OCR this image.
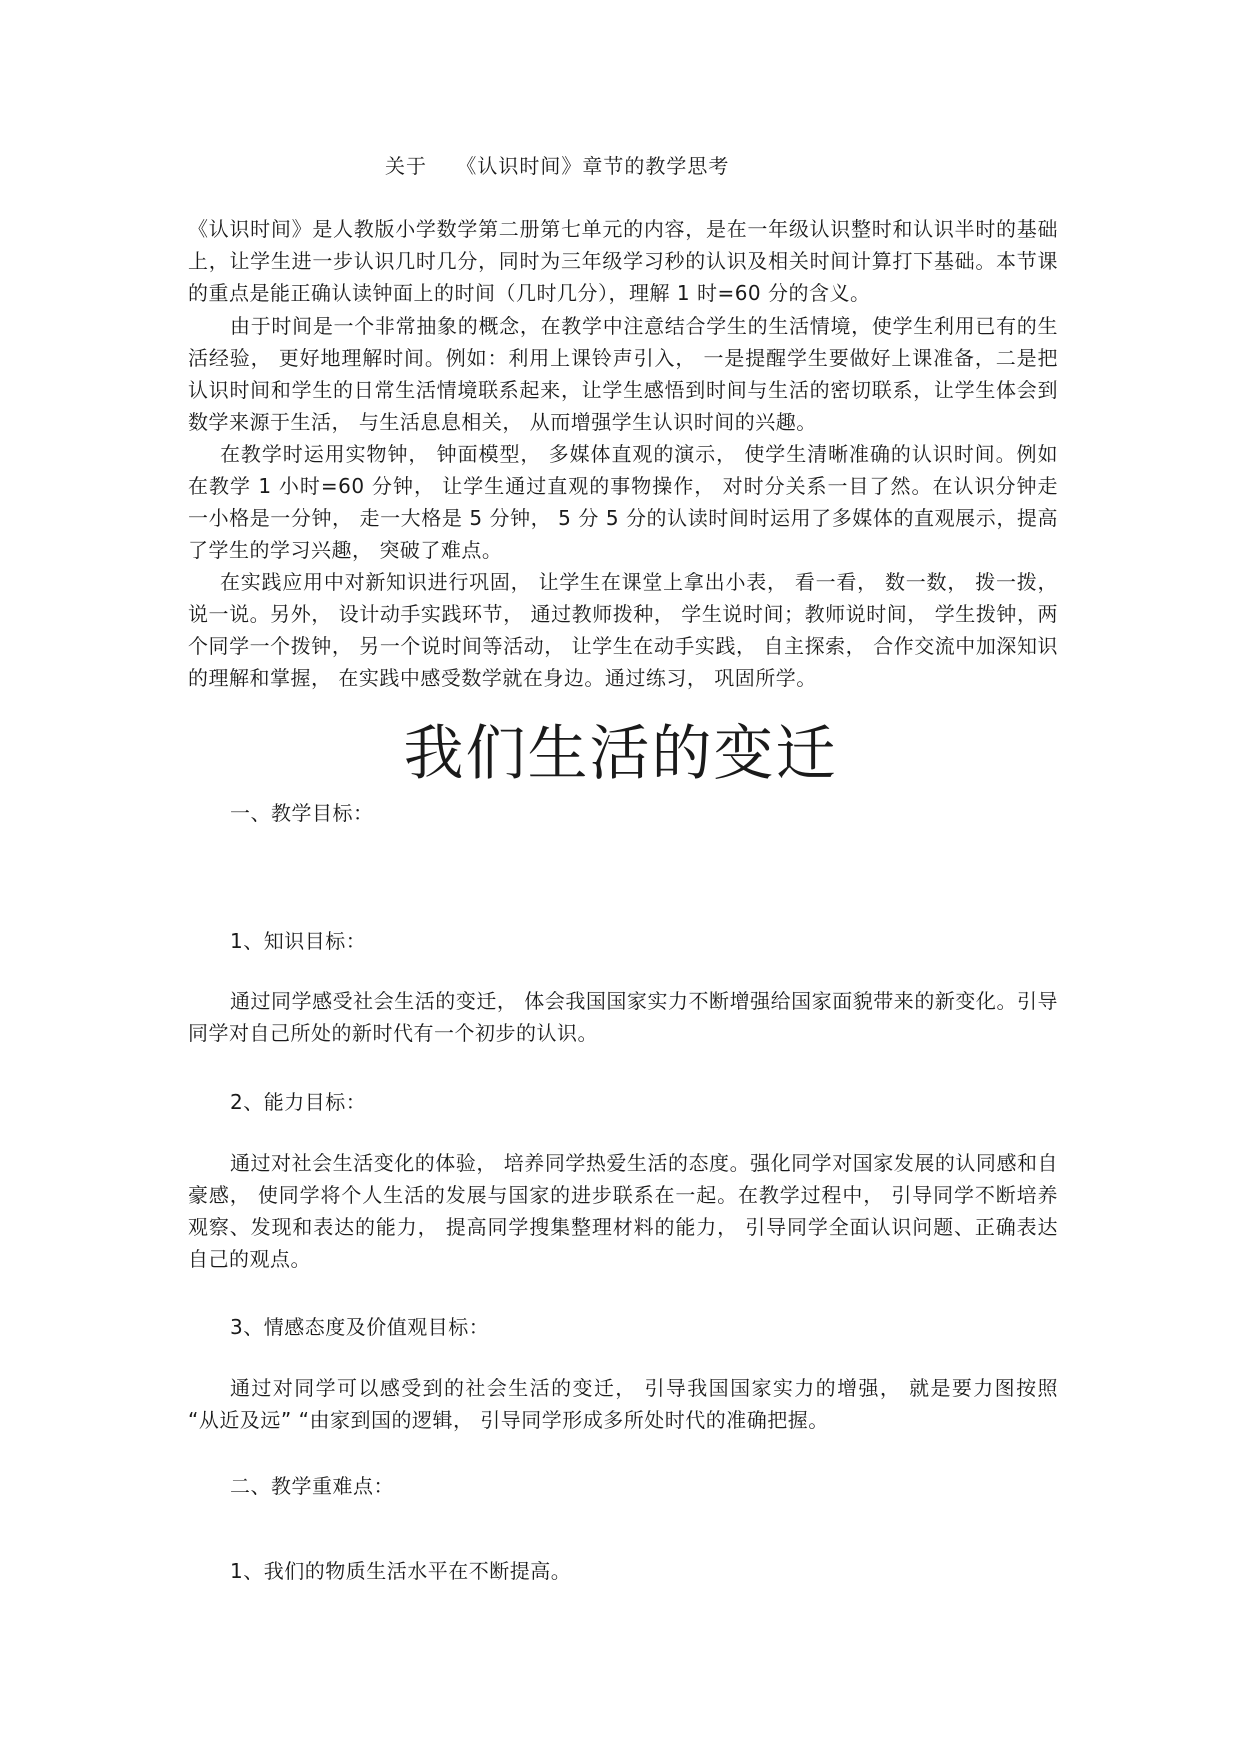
关于    《认识时间》章节的教学思考

《认识时间》是人教版小学数学第二册第七单元的内容，是在一年级认识整时和认识半时的基础上，让学生进一步认识几时几分，同时为三年级学习秒的认识及相关时间计算打下基础。本节课的重点是能正确认读钟面上的时间（几时几分），理解 1 时=60 分的含义。

由于时间是一个非常抽象的概念，在教学中注意结合学生的生活情境，使学生利用已有的生活经验， 更好地理解时间。例如：利用上课铃声引入， 一是提醒学生要做好上课准备，二是把认识时间和学生的日常生活情境联系起来，让学生感悟到时间与生活的密切联系，让学生体会到数学来源于生活， 与生活息息相关， 从而增强学生认识时间的兴趣。

在教学时运用实物钟， 钟面模型， 多媒体直观的演示， 使学生清晰准确的认识时间。例如在教学 1 小时=60 分钟， 让学生通过直观的事物操作， 对时分关系一目了然。在认识分钟走一小格是一分钟， 走一大格是 5 分钟， 5 分 5 分的认读时间时运用了多媒体的直观展示，提高了学生的学习兴趣， 突破了难点。

在实践应用中对新知识进行巩固， 让学生在课堂上拿出小表， 看一看， 数一数， 拨一拨，说一说。另外， 设计动手实践环节， 通过教师拨种， 学生说时间；教师说时间， 学生拨钟，两个同学一个拨钟， 另一个说时间等活动， 让学生在动手实践， 自主探索， 合作交流中加深知识的理解和掌握， 在实践中感受数学就在身边。通过练习， 巩固所学。

我们生活的变迁

一、教学目标：

1、知识目标：

通过同学感受社会生活的变迁， 体会我国国家实力不断增强给国家面貌带来的新变化。引导同学对自己所处的新时代有一个初步的认识。

2、能力目标：

通过对社会生活变化的体验， 培养同学热爱生活的态度。强化同学对国家发展的认同感和自豪感， 使同学将个人生活的发展与国家的进步联系在一起。在教学过程中， 引导同学不断培养观察、发现和表达的能力， 提高同学搜集整理材料的能力， 引导同学全面认识问题、正确表达自己的观点。

3、情感态度及价值观目标：

通过对同学可以感受到的社会生活的变迁， 引导我国国家实力的增强， 就是要力图按照 “从近及远” “由家到国的逻辑， 引导同学形成多所处时代的准确把握。

二、教学重难点：

1、我们的物质生活水平在不断提高。
